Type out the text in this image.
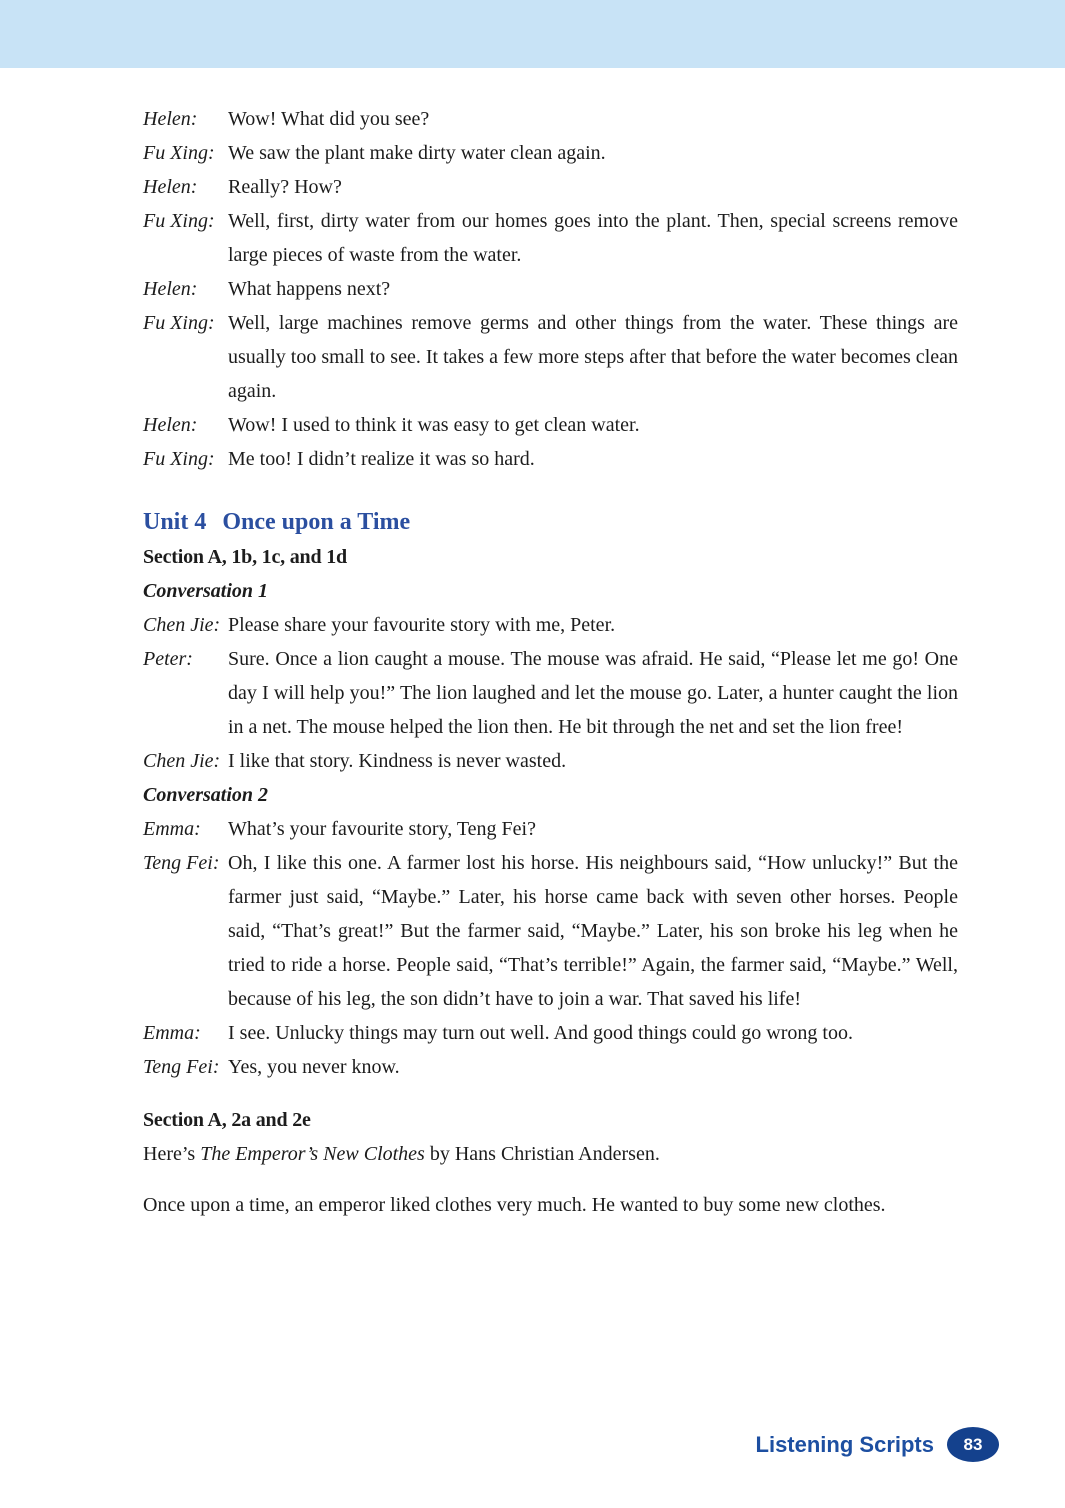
Helen:	Wow! What did you see?
Fu Xing: We saw the plant make dirty water clean again.
Helen:	Really? How?
Fu Xing: Well, first, dirty water from our homes goes into the plant. Then, special screens remove large pieces of waste from the water.
Helen:	What happens next?
Fu Xing: Well, large machines remove germs and other things from the water. These things are usually too small to see. It takes a few more steps after that before the water becomes clean again.
Helen:	Wow! I used to think it was easy to get clean water.
Fu Xing: Me too! I didn’t realize it was so hard.
Unit 4 Once upon a Time
Section A, 1b, 1c, and 1d
Conversation 1
Chen Jie: Please share your favourite story with me, Peter.
Peter:	Sure. Once a lion caught a mouse. The mouse was afraid. He said, “Please let me go! One day I will help you!” The lion laughed and let the mouse go. Later, a hunter caught the lion in a net. The mouse helped the lion then. He bit through the net and set the lion free!
Chen Jie: I like that story. Kindness is never wasted.
Conversation 2
Emma:	What’s your favourite story, Teng Fei?
Teng Fei: Oh, I like this one. A farmer lost his horse. His neighbours said, “How unlucky!” But the farmer just said, “Maybe.” Later, his horse came back with seven other horses. People said, “That’s great!” But the farmer said, “Maybe.” Later, his son broke his leg when he tried to ride a horse. People said, “That’s terrible!” Again, the farmer said, “Maybe.” Well, because of his leg, the son didn’t have to join a war. That saved his life!
Emma:	I see. Unlucky things may turn out well. And good things could go wrong too.
Teng Fei: Yes, you never know.
Section A, 2a and 2e

Here’s The Emperor’s New Clothes by Hans Christian Andersen.

Once upon a time, an emperor liked clothes very much. He wanted to buy some new clothes.

Listening Scripts	83
